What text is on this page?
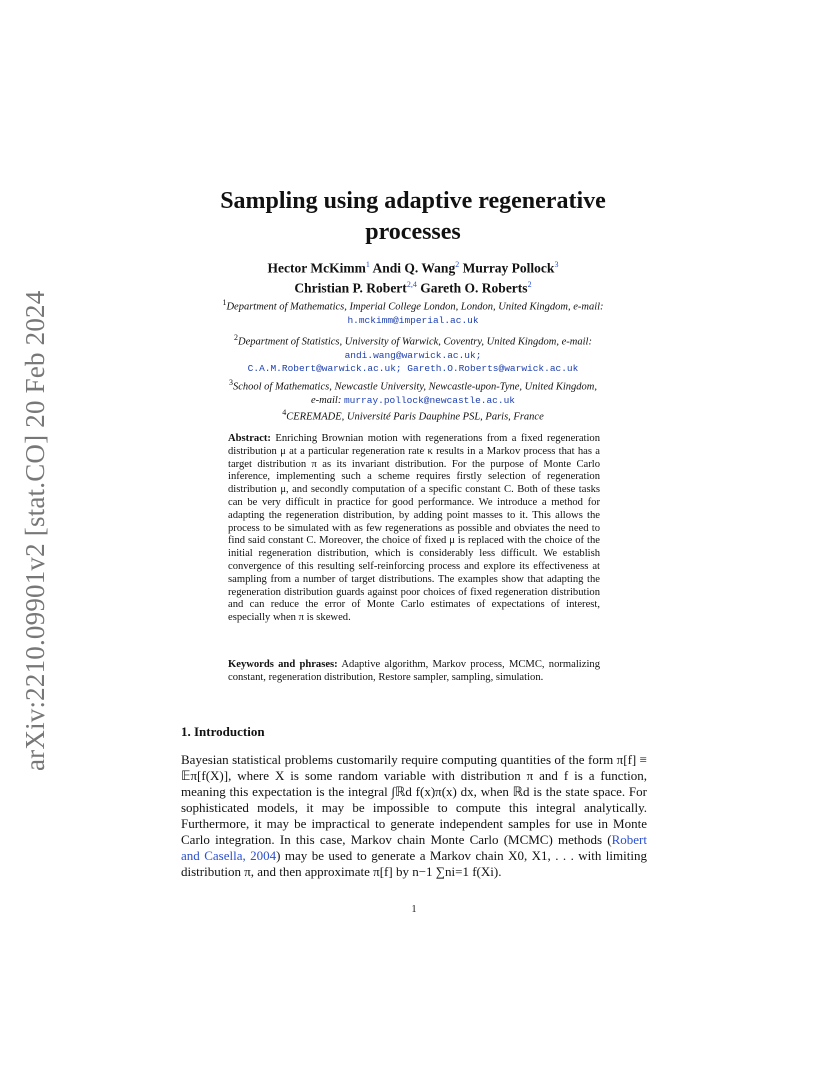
arXiv:2210.09901v2 [stat.CO] 20 Feb 2024
Sampling using adaptive regenerative processes
Hector McKimm$^1$ Andi Q. Wang$^2$ Murray Pollock$^3$
Christian P. Robert$^{2,4}$ Gareth O. Roberts$^2$
$^1$Department of Mathematics, Imperial College London, London, United Kingdom, e-mail:
h.mckimm@imperial.ac.uk
$^2$Department of Statistics, University of Warwick, Coventry, United Kingdom, e-mail:
andi.wang@warwick.ac.uk;
C.A.M.Robert@warwick.ac.uk; Gareth.O.Roberts@warwick.ac.uk
$^3$School of Mathematics, Newcastle University, Newcastle-upon-Tyne, United Kingdom,
e-mail: murray.pollock@newcastle.ac.uk
$^4$CEREMADE, Université Paris Dauphine PSL, Paris, France
Abstract: Enriching Brownian motion with regenerations from a fixed regeneration distribution μ at a particular regeneration rate κ results in a Markov process that has a target distribution π as its invariant distribution. For the purpose of Monte Carlo inference, implementing such a scheme requires firstly selection of regeneration distribution μ, and secondly computation of a specific constant C. Both of these tasks can be very difficult in practice for good performance. We introduce a method for adapting the regeneration distribution, by adding point masses to it. This allows the process to be simulated with as few regenerations as possible and obviates the need to find said constant C. Moreover, the choice of fixed μ is replaced with the choice of the initial regeneration distribution, which is considerably less difficult. We establish convergence of this resulting self-reinforcing process and explore its effectiveness at sampling from a number of target distributions. The examples show that adapting the regeneration distribution guards against poor choices of fixed regeneration distribution and can reduce the error of Monte Carlo estimates of expectations of interest, especially when π is skewed.
Keywords and phrases: Adaptive algorithm, Markov process, MCMC, normalizing constant, regeneration distribution, Restore sampler, sampling, simulation.
1. Introduction
Bayesian statistical problems customarily require computing quantities of the form π[f] ≡ 𝔼π[f(X)], where X is some random variable with distribution π and f is a function, meaning this expectation is the integral ∫ℝd f(x)π(x) dx, when ℝd is the state space. For sophisticated models, it may be impossible to compute this integral analytically. Furthermore, it may be impractical to generate independent samples for use in Monte Carlo integration. In this case, Markov chain Monte Carlo (MCMC) methods (Robert and Casella, 2004) may be used to generate a Markov chain X0, X1, . . . with limiting distribution π, and then approximate π[f] by n−1 ∑ni=1 f(Xi).
1
